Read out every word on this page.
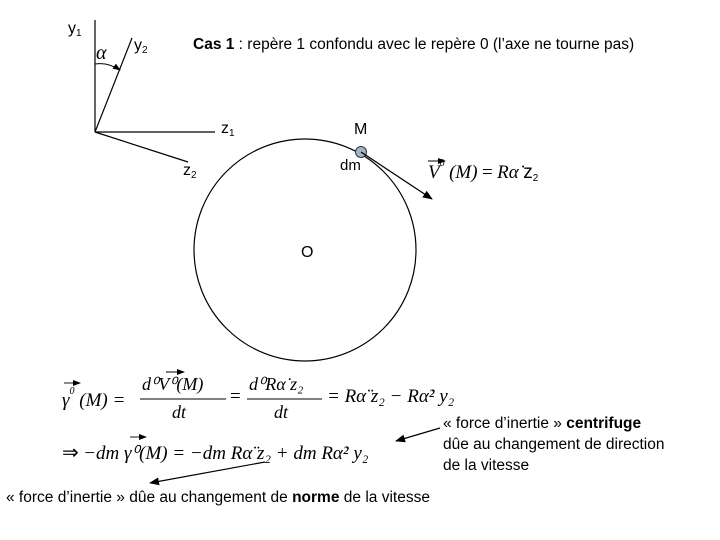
$y_1$
$y_2$
$z_1$
$z_2$
α	Cas 1 : repère 1 confondu avec le repère 0 (l’axe ne tourne pas)
M
dm
O
$V^0$ (M) = Rα̇ $z_2$
$\gamma^0$ (M) =
d⁰V⁰(M)
dt
=
d⁰Rα̇ z₂
dt
= Rα̈ z₂ − Rα̇² y₂
⇒ −dm γ⁰(M) = −dm Rα̈ z₂ + dm Rα̇² y₂
« force d’inertie » centrifuge
dûe au changement de direction
de la vitesse
« force d’inertie » dûe au changement de norme de la vitesse
